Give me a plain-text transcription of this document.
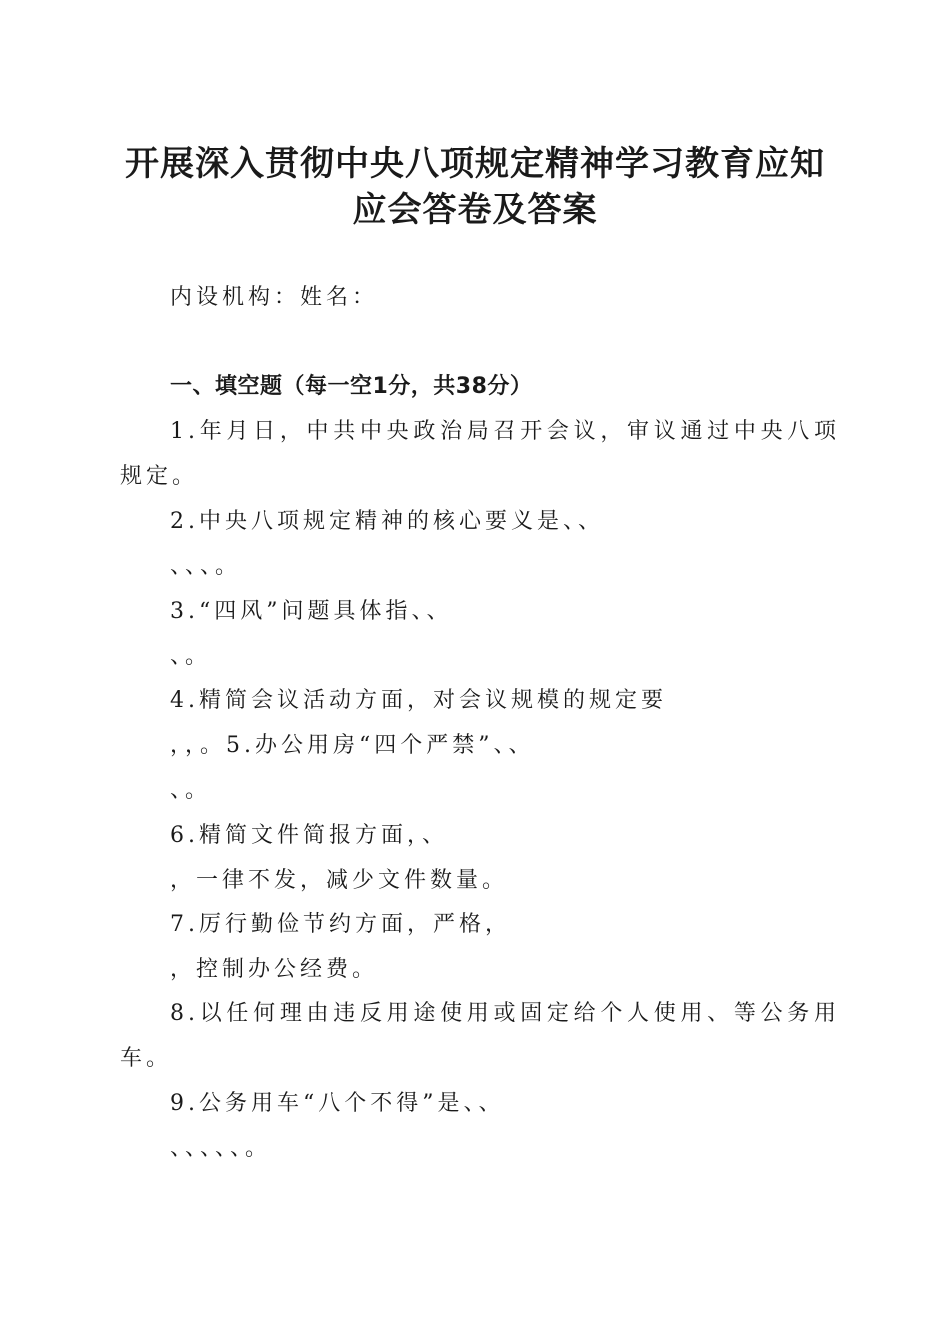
开展深入贯彻中央八项规定精神学习教育应知
应会答卷及答案

内设机构：姓名：

一、填空题（每一空1分，共38分）

1.年月日，中共中央政治局召开会议，审议通过中央八项

规定。

2.中央八项规定精神的核心要义是、、

、、、。

3.“四风”问题具体指、、

、。

4.精简会议活动方面，对会议规模的规定要

，，。5.办公用房“四个严禁”、、

、。

6.精简文件简报方面，、

，一律不发，减少文件数量。

7.厉行勤俭节约方面，严格，

，控制办公经费。

8.以任何理由违反用途使用或固定给个人使用、等公务用

车。

9.公务用车“八个不得”是、、

、、、、、。
